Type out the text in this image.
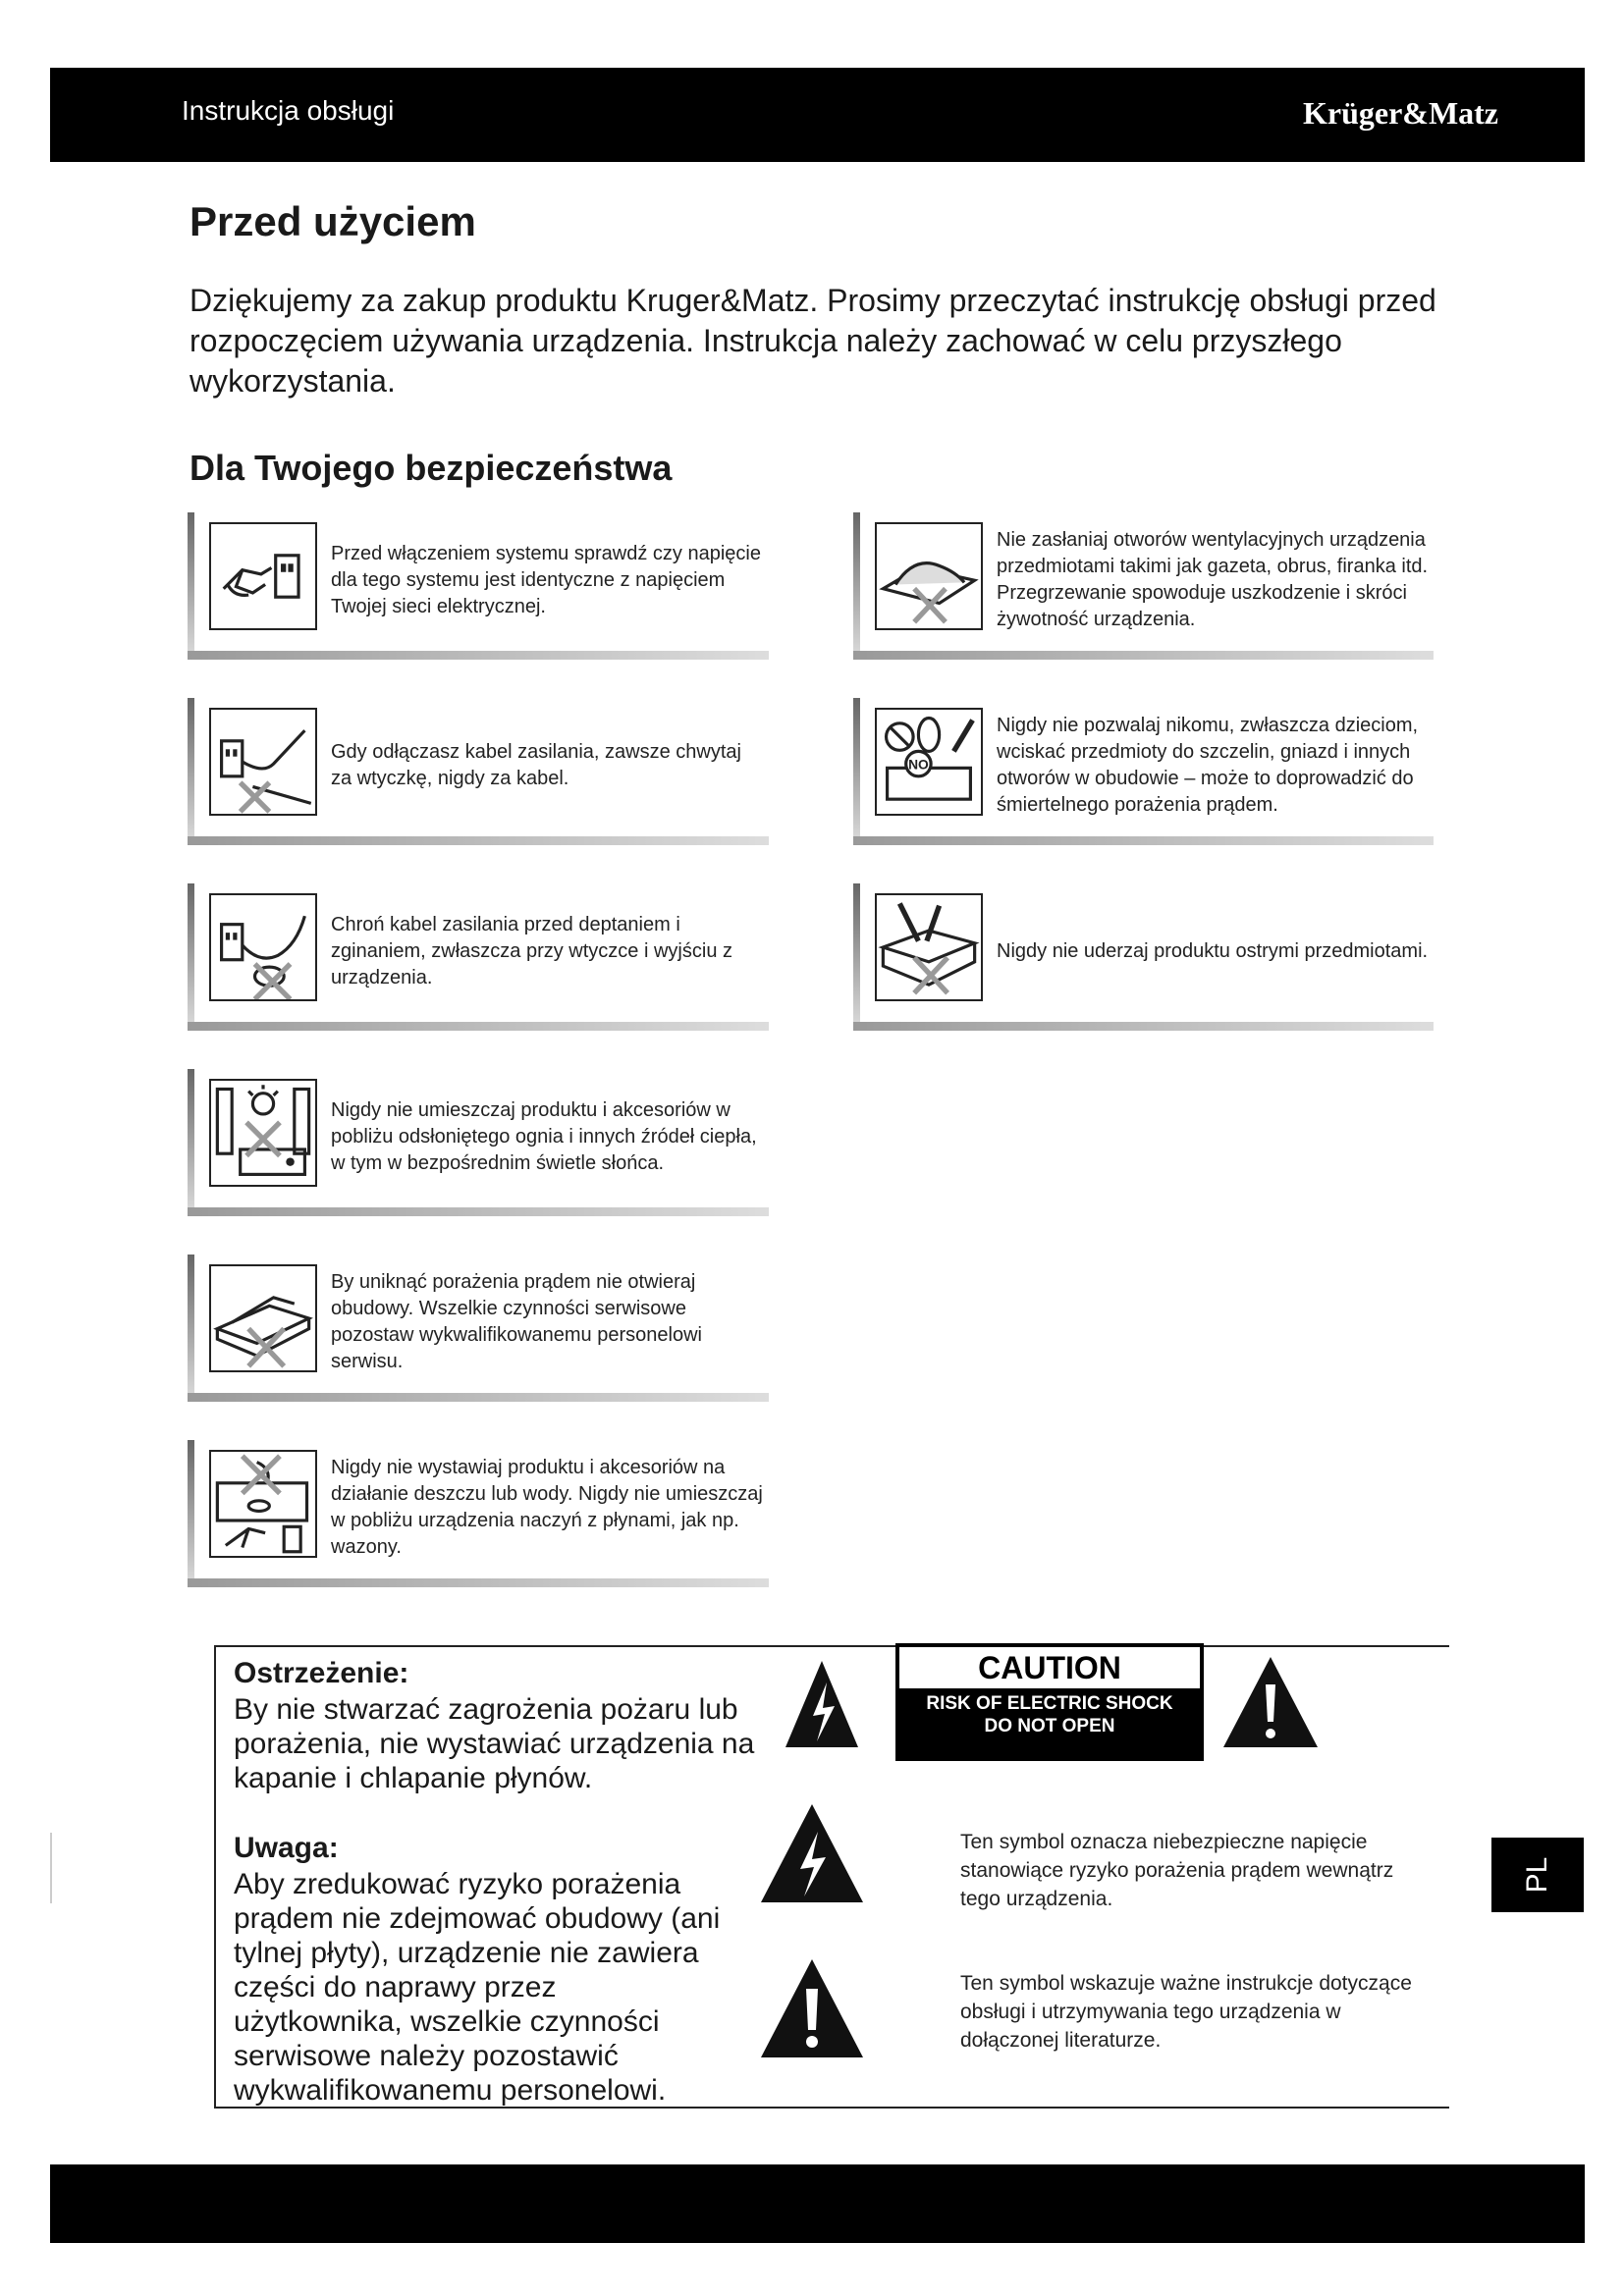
Instrukcja obsługi	Krüger&Matz
Przed użyciem

Dziękujemy za zakup produktu Kruger&Matz. Prosimy przeczytać instrukcję obsługi przed rozpoczęciem używania urządzenia. Instrukcja należy zachować w celu przyszłego wykorzystania.

Dla Twojego bezpieczeństwa
Przed włączeniem systemu sprawdź czy napięcie dla tego systemu jest identyczne z napięciem Twojej sieci elektrycznej.
Gdy odłączasz kabel zasilania, zawsze chwytaj za wtyczkę, nigdy za kabel.
Chroń kabel zasilania przed deptaniem i zginaniem, zwłaszcza przy wtyczce i wyjściu z urządzenia.
Nigdy nie umieszczaj produktu i akcesoriów w pobliżu odsłoniętego ognia i innych źródeł ciepła, w tym w bezpośrednim świetle słońca.
By uniknąć porażenia prądem nie otwieraj obudowy. Wszelkie czynności serwisowe pozostaw wykwalifikowanemu personelowi serwisu.
Nigdy nie wystawiaj produktu i akcesoriów na działanie deszczu lub wody. Nigdy nie umieszczaj w pobliżu urządzenia naczyń z płynami, jak np. wazony.
Nie zasłaniaj otworów wentylacyjnych urządzenia przedmiotami takimi jak gazeta, obrus, firanka itd. Przegrzewanie spowoduje uszkodzenie i skróci żywotność urządzenia.
NO
Nigdy nie pozwalaj nikomu, zwłaszcza dzieciom, wciskać przedmioty do szczelin, gniazd i innych otworów w obudowie – może to doprowadzić do śmiertelnego porażenia prądem.
Nigdy nie uderzaj produktu ostrymi przedmiotami.
Ostrzeżenie:
By nie stwarzać zagrożenia pożaru lub porażenia, nie wystawiać urządzenia na kapanie i chlapanie płynów.
CAUTION
RISK OF ELECTRIC SHOCK
DO NOT OPEN
Uwaga:
Aby zredukować ryzyko porażenia prądem nie zdejmować obudowy (ani tylnej płyty), urządzenie nie zawiera części do naprawy przez użytkownika, wszelkie czynności serwisowe należy pozostawić wykwalifikowanemu personelowi.
Ten symbol oznacza niebezpieczne napięcie stanowiące ryzyko porażenia prądem wewnątrz tego urządzenia.
Ten symbol wskazuje ważne instrukcje dotyczące obsługi i utrzymywania tego urządzenia w dołączonej literaturze.
PL
